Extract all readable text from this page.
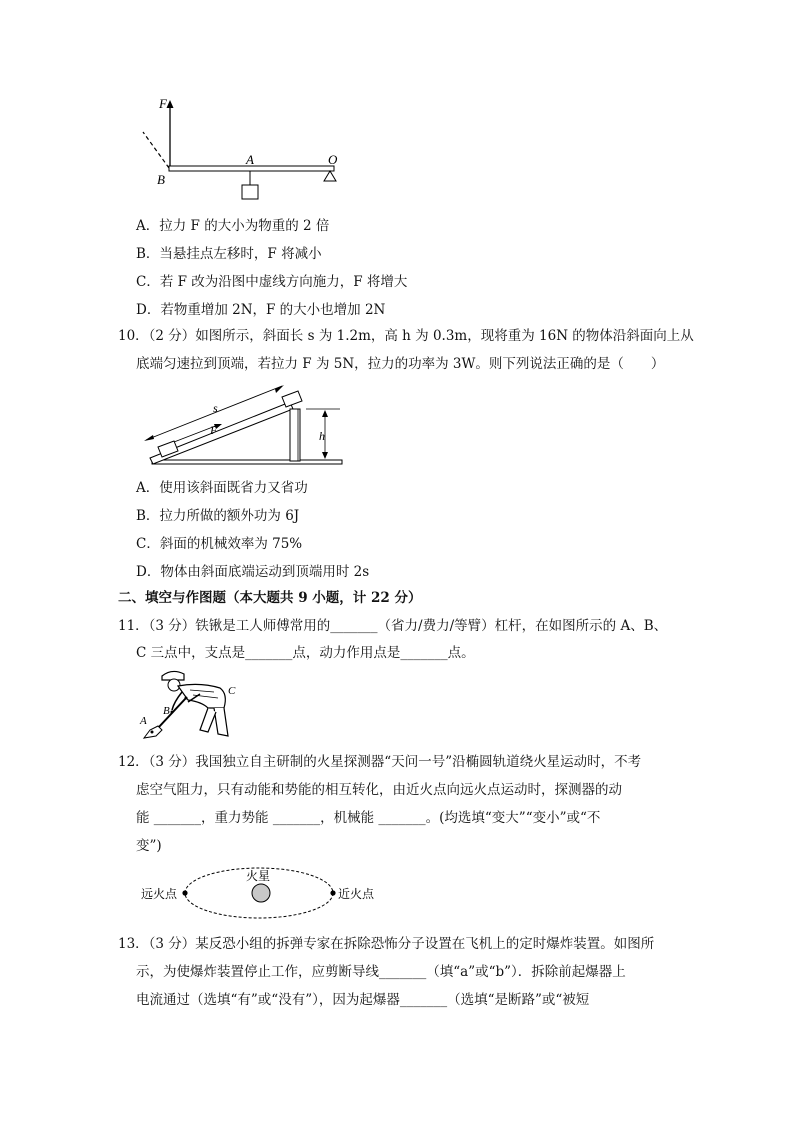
F
A	O
B
A．拉力 F 的大小为物重的 2 倍
B．当悬挂点左移时，F 将减小
C．若 F 改为沿图中虚线方向施力，F 将增大
D．若物重增加 2N，F 的大小也增加 2N
10．（2 分）如图所示，斜面长 s 为 1.2m，高 h 为 0.3m，现将重为 16N 的物体沿斜面向上从
底端匀速拉到顶端，若拉力 F 为 5N，拉力的功率为 3W。则下列说法正确的是（　　）
s
F	h
A．使用该斜面既省力又省功
B．拉力所做的额外功为 6J
C．斜面的机械效率为 75%
D．物体由斜面底端运动到顶端用时 2s
二、填空与作图题（本大题共 9 小题，计 22 分）
11．（3 分）铁锹是工人师傅常用的_______（省力/费力/等臂）杠杆，在如图所示的 A、B、
C 三点中，支点是_______点，动力作用点是_______点。
A
B
C
12．（3 分）我国独立自主研制的火星探测器“天问一号”沿椭圆轨道绕火星运动时，不考
虑空气阻力，只有动能和势能的相互转化，由近火点向远火点运动时，探测器的动
能 _______，重力势能 _______，机械能 _______。(均选填“变大”“变小”或“不
变”)
远火点
火星
近火点
13．（3 分）某反恐小组的拆弹专家在拆除恐怖分子设置在飞机上的定时爆炸装置。如图所
示，为使爆炸装置停止工作，应剪断导线_______（填“a”或“b”）．拆除前起爆器上
电流通过（选填“有”或“没有”），因为起爆器_______（选填“是断路”或“被短
